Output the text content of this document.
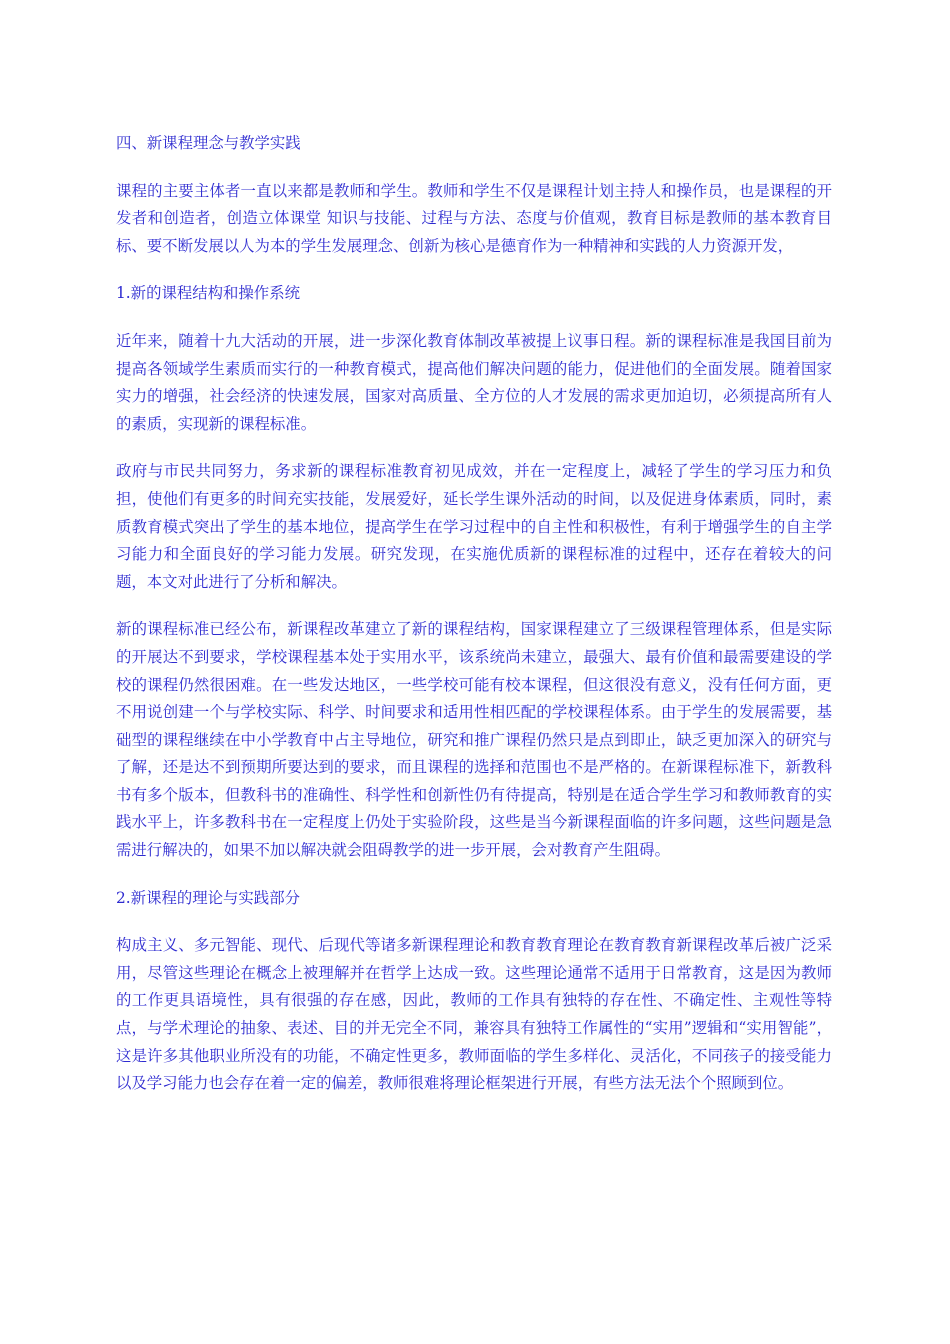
四、新课程理念与教学实践

课程的主要主体者一直以来都是教师和学生。教师和学生不仅是课程计划主持人和操作员，也是课程的开发者和创造者，创造立体课堂 知识与技能、过程与方法、态度与价值观，教育目标是教师的基本教育目标、要不断发展以人为本的学生发展理念、创新为核心是德育作为一种精神和实践的人力资源开发，

1.新的课程结构和操作系统

近年来，随着十九大活动的开展，进一步深化教育体制改革被提上议事日程。新的课程标准是我国目前为提高各领域学生素质而实行的一种教育模式，提高他们解决问题的能力，促进他们的全面发展。随着国家实力的增强，社会经济的快速发展，国家对高质量、全方位的人才发展的需求更加迫切，必须提高所有人的素质，实现新的课程标准。

政府与市民共同努力，务求新的课程标准教育初见成效，并在一定程度上，减轻了学生的学习压力和负担，使他们有更多的时间充实技能，发展爱好，延长学生课外活动的时间，以及促进身体素质，同时，素质教育模式突出了学生的基本地位，提高学生在学习过程中的自主性和积极性，有利于增强学生的自主学习能力和全面良好的学习能力发展。研究发现，在实施优质新的课程标准的过程中，还存在着较大的问题，本文对此进行了分析和解决。

新的课程标准已经公布，新课程改革建立了新的课程结构，国家课程建立了三级课程管理体系，但是实际的开展达不到要求，学校课程基本处于实用水平，该系统尚未建立，最强大、最有价值和最需要建设的学校的课程仍然很困难。在一些发达地区，一些学校可能有校本课程，但这很没有意义，没有任何方面，更不用说创建一个与学校实际、科学、时间要求和适用性相匹配的学校课程体系。由于学生的发展需要，基础型的课程继续在中小学教育中占主导地位，研究和推广课程仍然只是点到即止，缺乏更加深入的研究与了解，还是达不到预期所要达到的要求，而且课程的选择和范围也不是严格的。在新课程标准下，新教科书有多个版本，但教科书的准确性、科学性和创新性仍有待提高，特别是在适合学生学习和教师教育的实践水平上，许多教科书在一定程度上仍处于实验阶段，这些是当今新课程面临的许多问题，这些问题是急需进行解决的，如果不加以解决就会阻碍教学的进一步开展，会对教育产生阻碍。

2.新课程的理论与实践部分

构成主义、多元智能、现代、后现代等诸多新课程理论和教育教育理论在教育教育新课程改革后被广泛采用，尽管这些理论在概念上被理解并在哲学上达成一致。这些理论通常不适用于日常教育，这是因为教师的工作更具语境性，具有很强的存在感，因此，教师的工作具有独特的存在性、不确定性、主观性等特点，与学术理论的抽象、表述、目的并无完全不同，兼容具有独特工作属性的“实用”逻辑和“实用智能”，这是许多其他职业所没有的功能，不确定性更多，教师面临的学生多样化、灵活化，不同孩子的接受能力以及学习能力也会存在着一定的偏差，教师很难将理论框架进行开展，有些方法无法个个照顾到位。
